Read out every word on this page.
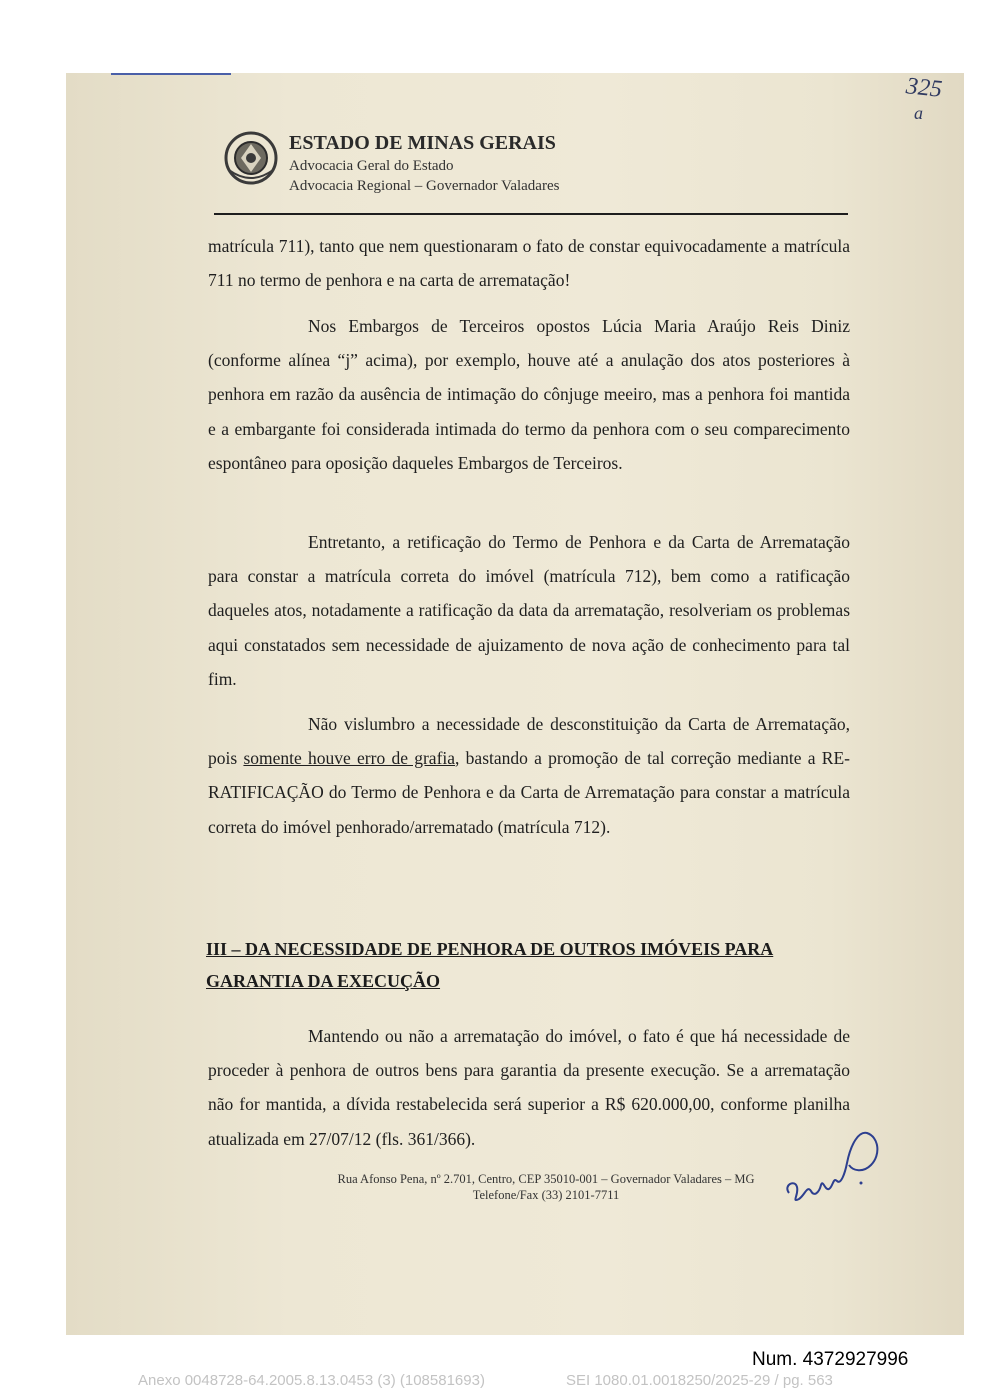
325
a
ESTADO DE MINAS GERAIS
Advocacia Geral do Estado
Advocacia Regional – Governador Valadares
matrícula 711), tanto que nem questionaram o fato de constar equivocadamente a matrícula 711 no termo de penhora e na carta de arrematação!
Nos Embargos de Terceiros opostos Lúcia Maria Araújo Reis Diniz (conforme alínea “j” acima), por exemplo, houve até a anulação dos atos posteriores à penhora em razão da ausência de intimação do cônjuge meeiro, mas a penhora foi mantida e a embargante foi considerada intimada do termo da penhora com o seu comparecimento espontâneo para oposição daqueles Embargos de Terceiros.
Entretanto, a retificação do Termo de Penhora e da Carta de Arrematação para constar a matrícula correta do imóvel (matrícula 712), bem como a ratificação daqueles atos, notadamente a ratificação da data da arrematação, resolveriam os problemas aqui constatados sem necessidade de ajuizamento de nova ação de conhecimento para tal fim.
Não vislumbro a necessidade de desconstituição da Carta de Arrematação, pois somente houve erro de grafia, bastando a promoção de tal correção mediante a RE-RATIFICAÇÃO do Termo de Penhora e da Carta de Arrematação para constar a matrícula correta do imóvel penhorado/arrematado (matrícula 712).
III – DA NECESSIDADE DE PENHORA DE OUTROS IMÓVEIS PARA GARANTIA DA EXECUÇÃO
Mantendo ou não a arrematação do imóvel, o fato é que há necessidade de proceder à penhora de outros bens para garantia da presente execução. Se a arrematação não for mantida, a dívida restabelecida será superior a R$ 620.000,00, conforme planilha atualizada em 27/07/12 (fls. 361/366).
Rua Afonso Pena, nº 2.701, Centro, CEP 35010-001 – Governador Valadares – MG
Telefone/Fax (33) 2101-7711
Num. 4372927996
Anexo 0048728-64.2005.8.13.0453 (3) (108581693)	SEI 1080.01.0018250/2025-29 / pg. 563
